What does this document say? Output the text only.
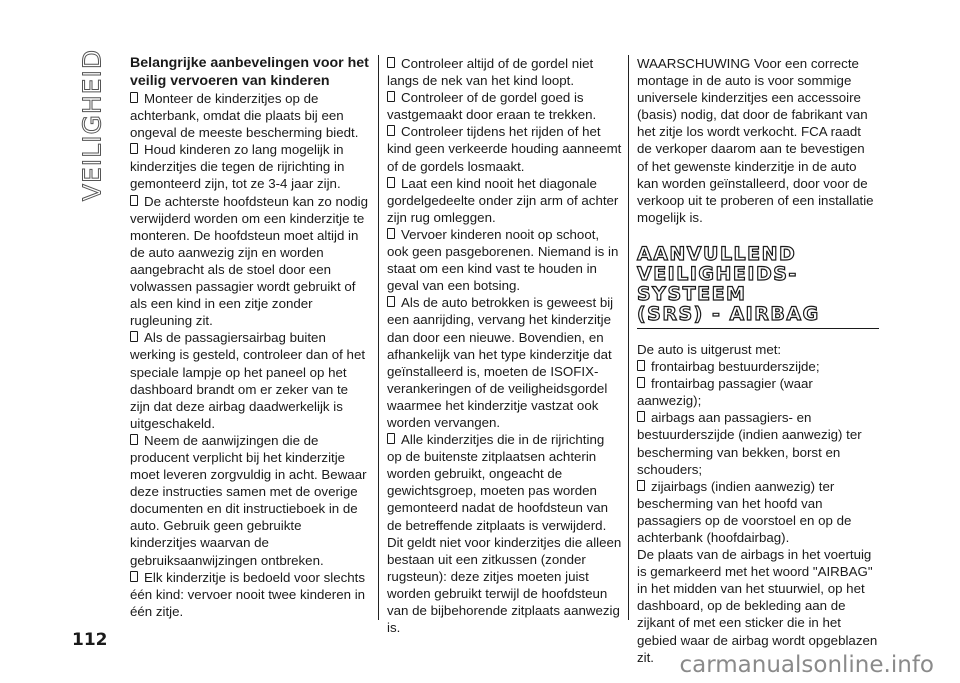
VEILIGHEID Belangrijke aanbevelingen voor het veilig vervoeren van kinderen

Monteer de kinderzitjes op de achterbank, omdat die plaats bij een ongeval de meeste bescherming biedt.

Houd kinderen zo lang mogelijk in kinderzitjes die tegen de rijrichting in gemonteerd zijn, tot ze 3-4 jaar zijn.

De achterste hoofdsteun kan zo nodig verwijderd worden om een kinderzitje te monteren. De hoofdsteun moet altijd in de auto aanwezig zijn en worden aangebracht als de stoel door een volwassen passagier wordt gebruikt of als een kind in een zitje zonder rugleuning zit.

Als de passagiersairbag buiten werking is gesteld, controleer dan of het speciale lampje op het paneel op het dashboard brandt om er zeker van te zijn dat deze airbag daadwerkelijk is uitgeschakeld.

Neem de aanwijzingen die de producent verplicht bij het kinderzitje moet leveren zorgvuldig in acht. Bewaar deze instructies samen met de overige documenten en dit instructieboek in de auto. Gebruik geen gebruikte kinderzitjes waarvan de gebruiksaanwijzingen ontbreken.

Elk kinderzitje is bedoeld voor slechts één kind: vervoer nooit twee kinderen in één zitje.

Controleer altijd of de gordel niet langs de nek van het kind loopt.

Controleer of de gordel goed is vastgemaakt door eraan te trekken.

Controleer tijdens het rijden of het kind geen verkeerde houding aanneemt of de gordels losmaakt.

Laat een kind nooit het diagonale gordelgedeelte onder zijn arm of achter zijn rug omleggen.

Vervoer kinderen nooit op schoot, ook geen pasgeborenen. Niemand is in staat om een kind vast te houden in geval van een botsing.

Als de auto betrokken is geweest bij een aanrijding, vervang het kinderzitje dan door een nieuwe. Bovendien, en afhankelijk van het type kinderzitje dat geïnstalleerd is, moeten de ISOFIX-verankeringen of de veiligheidsgordel waarmee het kinderzitje vastzat ook worden vervangen.

Alle kinderzitjes die in de rijrichting op de buitenste zitplaatsen achterin worden gebruikt, ongeacht de gewichtsgroep, moeten pas worden gemonteerd nadat de hoofdsteun van de betreffende zitplaats is verwijderd. Dit geldt niet voor kinderzitjes die alleen bestaan uit een zitkussen (zonder rugsteun): deze zitjes moeten juist worden gebruikt terwijl de hoofdsteun van de bijbehorende zitplaats aanwezig is.

WAARSCHUWING Voor een correcte montage in de auto is voor sommige universele kinderzitjes een accessoire (basis) nodig, dat door de fabrikant van het zitje los wordt verkocht. FCA raadt de verkoper daarom aan te bevestigen of het gewenste kinderzitje in de auto kan worden geïnstalleerd, door voor de verkoop uit te proberen of een installatie mogelijk is.

AANVULLEND
VEILIGHEIDS-
SYSTEEM
(SRS) - AIRBAG

De auto is uitgerust met:

frontairbag bestuurderszijde;

frontairbag passagier (waar aanwezig);

airbags aan passagiers- en bestuurderszijde (indien aanwezig) ter bescherming van bekken, borst en schouders;

zijairbags (indien aanwezig) ter bescherming van het hoofd van passagiers op de voorstoel en op de achterbank (hoofdairbag).

De plaats van de airbags in het voertuig is gemarkeerd met het woord "AIRBAG" in het midden van het stuurwiel, op het dashboard, op de bekleding aan de zijkant of met een sticker die in het gebied waar de airbag wordt opgeblazen zit.

112
carmanualsonline.info
